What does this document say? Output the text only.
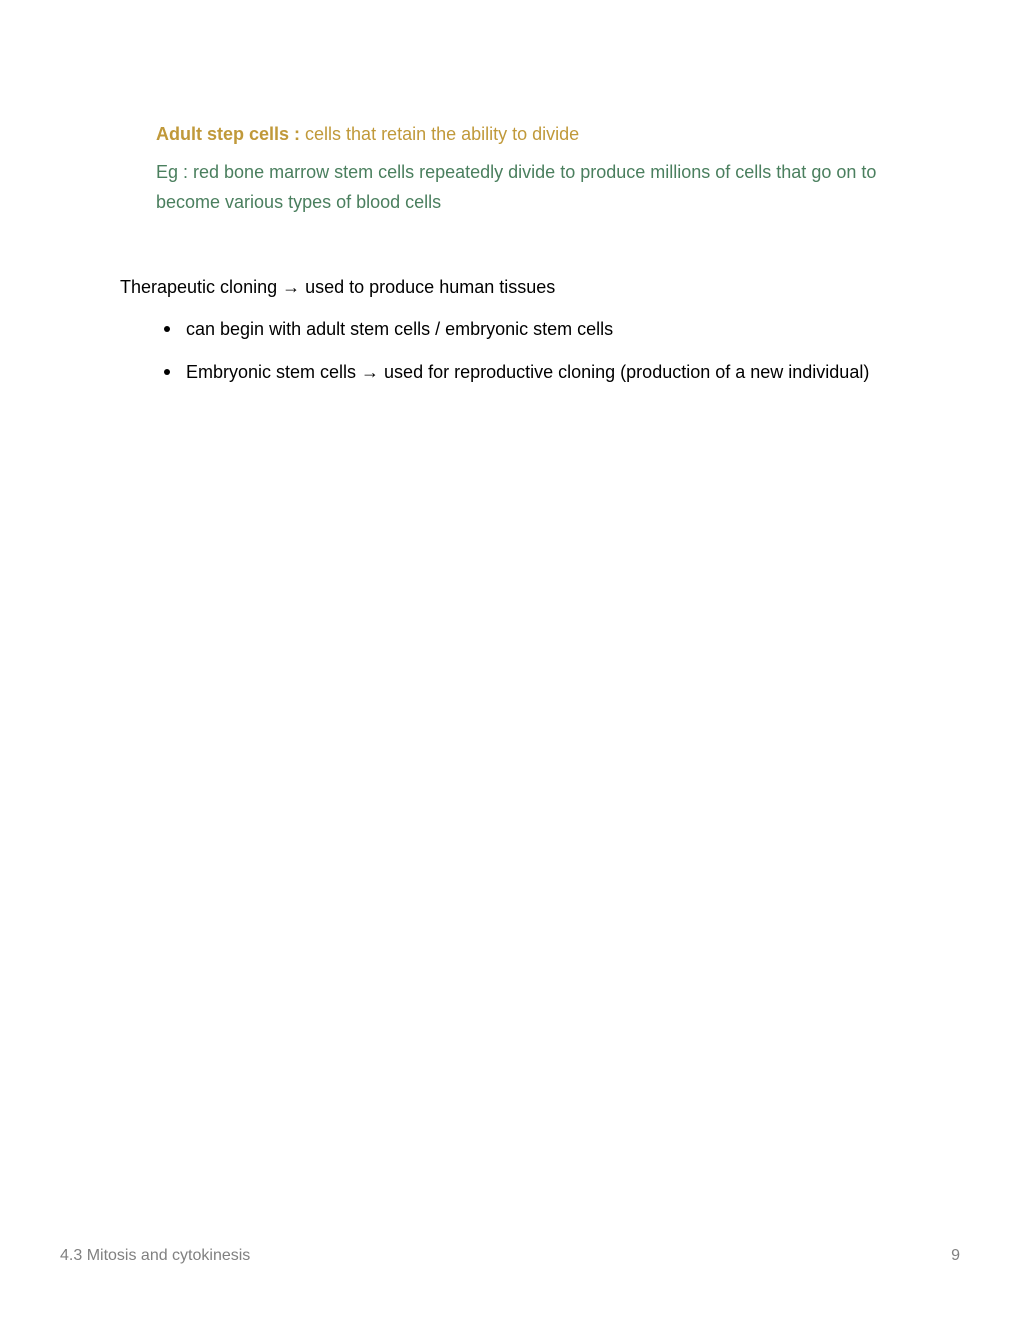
Adult step cells : cells that retain the ability to divide

Eg : red bone marrow stem cells repeatedly divide to produce millions of cells that go on to become various types of blood cells

Therapeutic cloning → used to produce human tissues

can begin with adult stem cells / embryonic stem cells
Embryonic stem cells → used for reproductive cloning (production of a new individual)
4.3 Mitosis and cytokinesis	9
